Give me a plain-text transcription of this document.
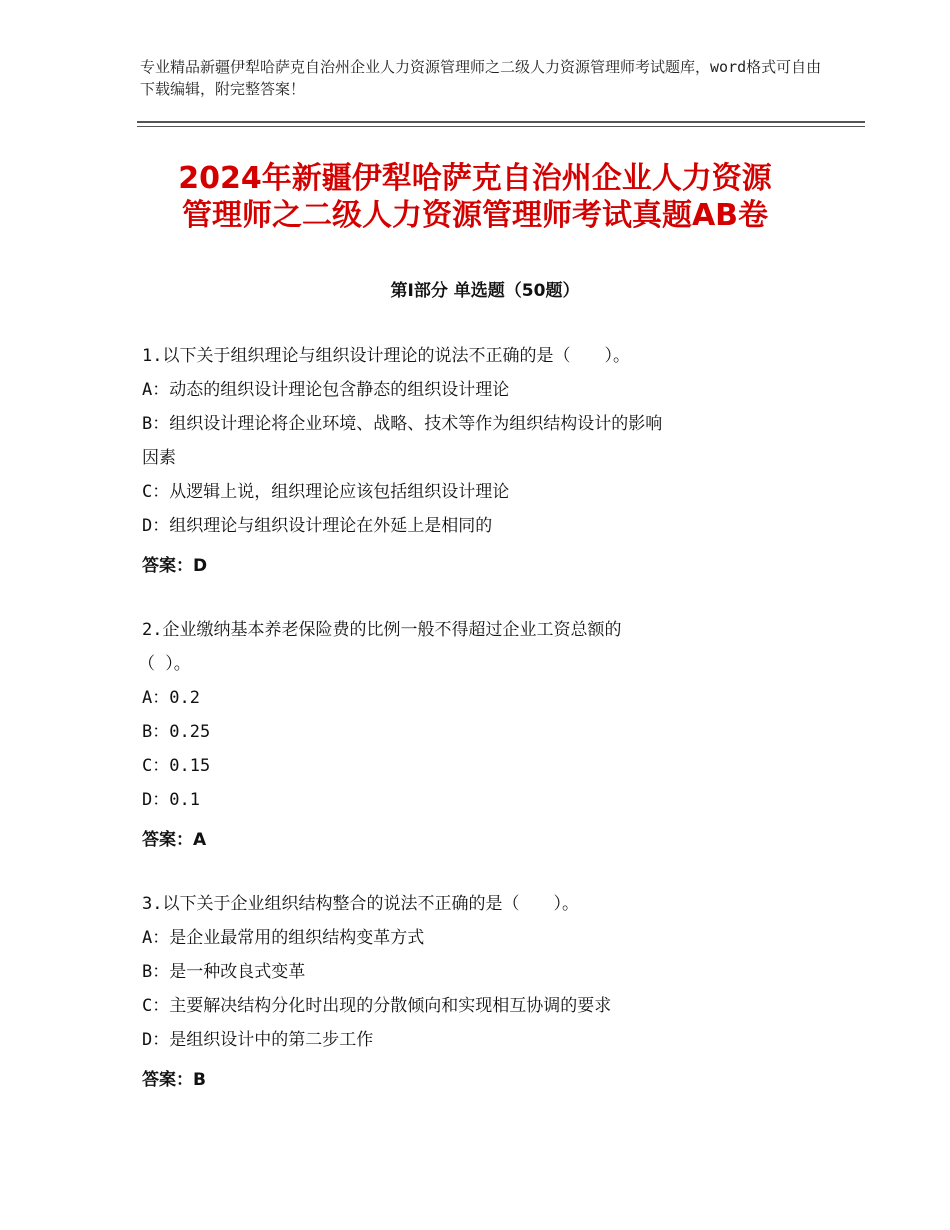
专业精品新疆伊犁哈萨克自治州企业人力资源管理师之二级人力资源管理师考试题库，word格式可自由下载编辑，附完整答案！
2024年新疆伊犁哈萨克自治州企业人力资源
管理师之二级人力资源管理师考试真题AB卷
第Ⅰ部分 单选题（50题）
1.以下关于组织理论与组织设计理论的说法不正确的是（　　）。
A：动态的组织设计理论包含静态的组织设计理论
B：组织设计理论将企业环境、战略、技术等作为组织结构设计的影响
因素
C：从逻辑上说，组织理论应该包括组织设计理论
D：组织理论与组织设计理论在外延上是相同的
答案：D
2.企业缴纳基本养老保险费的比例一般不得超过企业工资总额的
（ ）。
A：0.2
B：0.25
C：0.15
D：0.1
答案：A
3.以下关于企业组织结构整合的说法不正确的是（　　）。
A：是企业最常用的组织结构变革方式
B：是一种改良式变革
C：主要解决结构分化时出现的分散倾向和实现相互协调的要求
D：是组织设计中的第二步工作
答案：B
